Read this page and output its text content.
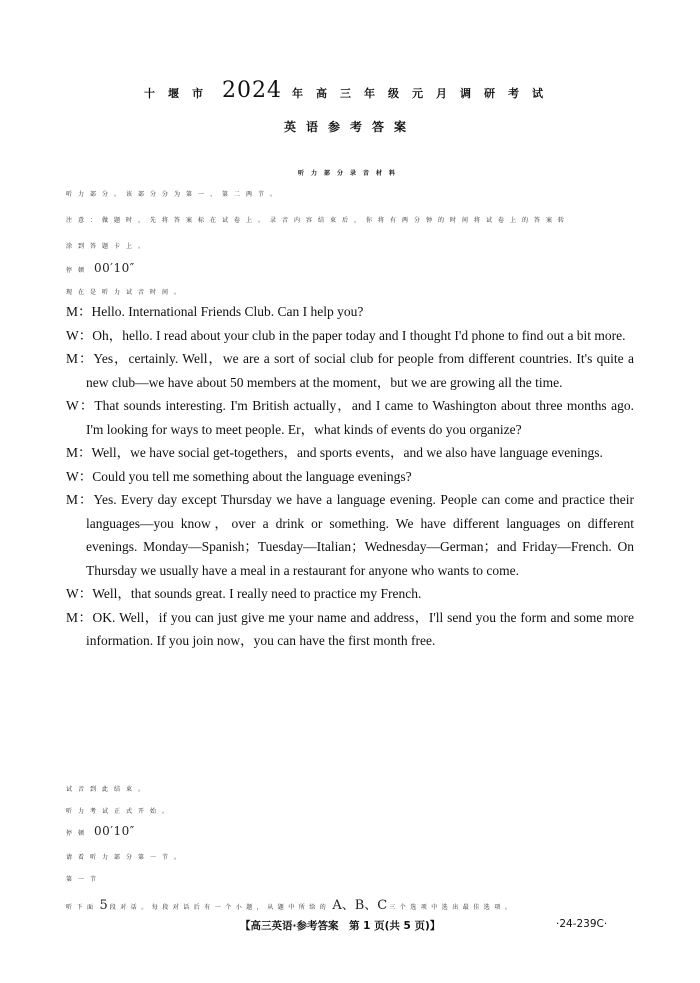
十堰市 2024 年高三年级元月调研考试
英语参考答案
听力部分录音材料
听力部分。该部分分为第一、第二两节。
注意：做题时，先将答案标在试卷上。录音内容结束后，你将有两分钟的时间将试卷上的答案转
涂到答题卡上。
停顿 00′10″
现在是听力试音时间。
M：Hello. International Friends Club. Can I help you?
W：Oh，hello. I read about your club in the paper today and I thought I'd phone to find out a bit more.
M：Yes，certainly. Well，we are a sort of social club for people from different countries. It's quite a new club—we have about 50 members at the moment，but we are growing all the time.
W：That sounds interesting. I'm British actually，and I came to Washington about three months ago. I'm looking for ways to meet people. Er，what kinds of events do you organize?
M：Well，we have social get-togethers，and sports events，and we also have language evenings.
W：Could you tell me something about the language evenings?
M：Yes. Every day except Thursday we have a language evening. People can come and practice their languages—you know，over a drink or something. We have different languages on different evenings. Monday—Spanish；Tuesday—Italian；Wednesday—German；and Friday—French. On Thursday we usually have a meal in a restaurant for anyone who wants to come.
W：Well，that sounds great. I really need to practice my French.
M：OK. Well，if you can just give me your name and address，I'll send you the form and some more information. If you join now，you can have the first month free.
试音到此结束。
听力考试正式开始。
停顿 00′10″
请看听力部分第一节。
第一节
听下面 5 段对话。每段对话后有一个小题，从题中所给的 A、B、C 三个选项中选出最佳选项。
【高三英语·参考答案　第 1 页(共 5 页)】	·24-239C·
